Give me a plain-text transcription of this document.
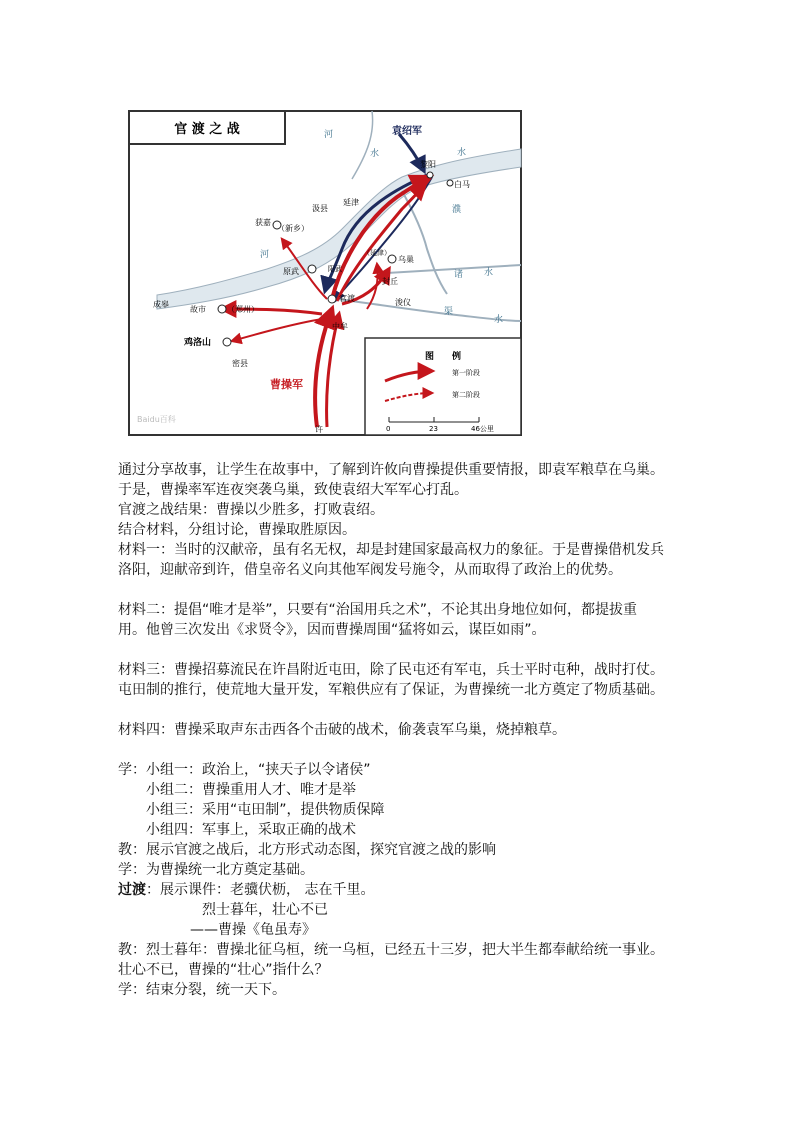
官 渡 之 战	河
水	水
河
濮
诸 水
渠
水
袁绍军
黎阳
白马
延津
汲县
获嘉
（新乡）
（延津）
乌巢
原武	阳武
封丘
官渡	浚仪
中牟
成皋
故市	（郑州）
鸡洛山
密县
曹操军
许
Baidu百科
图　　例
第一阶段
第二阶段
0	23	46公里

通过分享故事，让学生在故事中，了解到许攸向曹操提供重要情报，即袁军粮草在乌巢。

于是，曹操率军连夜突袭乌巢，致使袁绍大军军心打乱。

官渡之战结果：曹操以少胜多，打败袁绍。

结合材料，分组讨论，曹操取胜原因。

材料一：当时的汉献帝，虽有名无权，却是封建国家最高权力的象征。于是曹操借机发兵

洛阳，迎献帝到许，借皇帝名义向其他军阀发号施令，从而取得了政治上的优势。

材料二：提倡“唯才是举”，只要有“治国用兵之术”，不论其出身地位如何，都提拔重

用。他曾三次发出《求贤令》，因而曹操周围“猛将如云，谋臣如雨”。

材料三：曹操招募流民在许昌附近屯田，除了民屯还有军屯，兵士平时屯种，战时打仗。

屯田制的推行，使荒地大量开发，军粮供应有了保证，为曹操统一北方奠定了物质基础。

材料四：曹操采取声东击西各个击破的战术，偷袭袁军乌巢，烧掉粮草。

学：小组一：政治上，“挟天子以令诸侯”

小组二：曹操重用人才、唯才是举

小组三：采用“屯田制”，提供物质保障

小组四：军事上，采取正确的战术

教：展示官渡之战后，北方形式动态图，探究官渡之战的影响

学：为曹操统一北方奠定基础。

过渡：展示课件：老骥伏枥， 志在千里。

烈士暮年，壮心不已

——曹操《龟虽寿》

教：烈士暮年：曹操北征乌桓，统一乌桓，已经五十三岁，把大半生都奉献给统一事业。

壮心不已，曹操的“壮心”指什么？

学：结束分裂，统一天下。
